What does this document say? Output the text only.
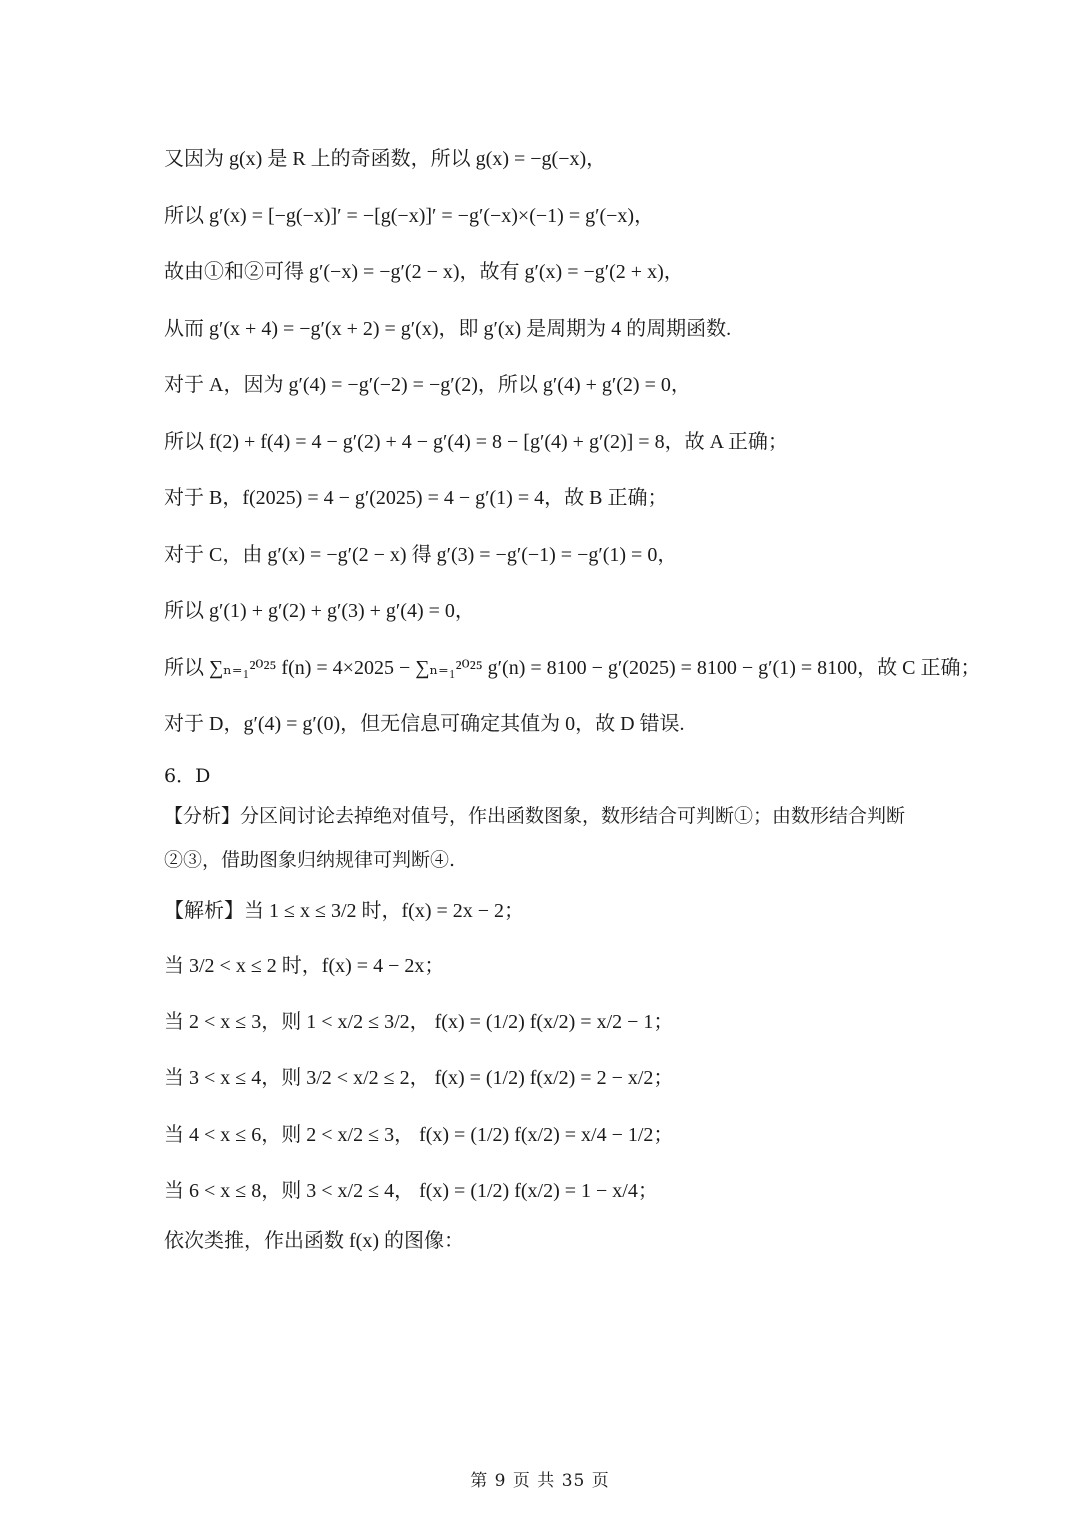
又因为 g(x) 是 R 上的奇函数，所以 g(x) = −g(−x)，
所以 g′(x) = [−g(−x)]′ = −[g(−x)]′ = −g′(−x)×(−1) = g′(−x)，
故由①和②可得 g′(−x) = −g′(2 − x)，故有 g′(x) = −g′(2 + x)，
从而 g′(x + 4) = −g′(x + 2) = g′(x)，即 g′(x) 是周期为 4 的周期函数.
对于 A，因为 g′(4) = −g′(−2) = −g′(2)，所以 g′(4) + g′(2) = 0，
所以 f(2) + f(4) = 4 − g′(2) + 4 − g′(4) = 8 − [g′(4) + g′(2)] = 8，故 A 正确；
对于 B，f(2025) = 4 − g′(2025) = 4 − g′(1) = 4，故 B 正确；
对于 C，由 g′(x) = −g′(2 − x) 得 g′(3) = −g′(−1) = −g′(1) = 0，
所以 g′(1) + g′(2) + g′(3) + g′(4) = 0，
所以 ∑ₙ₌₁²⁰²⁵ f(n) = 4×2025 − ∑ₙ₌₁²⁰²⁵ g′(n) = 8100 − g′(2025) = 8100 − g′(1) = 8100，故 C 正确；
对于 D，g′(4) = g′(0)，但无信息可确定其值为 0，故 D 错误.
6．D
【分析】分区间讨论去掉绝对值号，作出函数图象，数形结合可判断①；由数形结合判断
②③，借助图象归纳规律可判断④.
【解析】当 1 ≤ x ≤ 3/2 时，f(x) = 2x − 2；
当 3/2 < x ≤ 2 时，f(x) = 4 − 2x；
当 2 < x ≤ 3，则 1 < x/2 ≤ 3/2， f(x) = (1/2) f(x/2) = x/2 − 1；
当 3 < x ≤ 4，则 3/2 < x/2 ≤ 2， f(x) = (1/2) f(x/2) = 2 − x/2；
当 4 < x ≤ 6，则 2 < x/2 ≤ 3， f(x) = (1/2) f(x/2) = x/4 − 1/2；
当 6 < x ≤ 8，则 3 < x/2 ≤ 4， f(x) = (1/2) f(x/2) = 1 − x/4；
依次类推，作出函数 f(x) 的图像：
第 9 页 共 35 页
